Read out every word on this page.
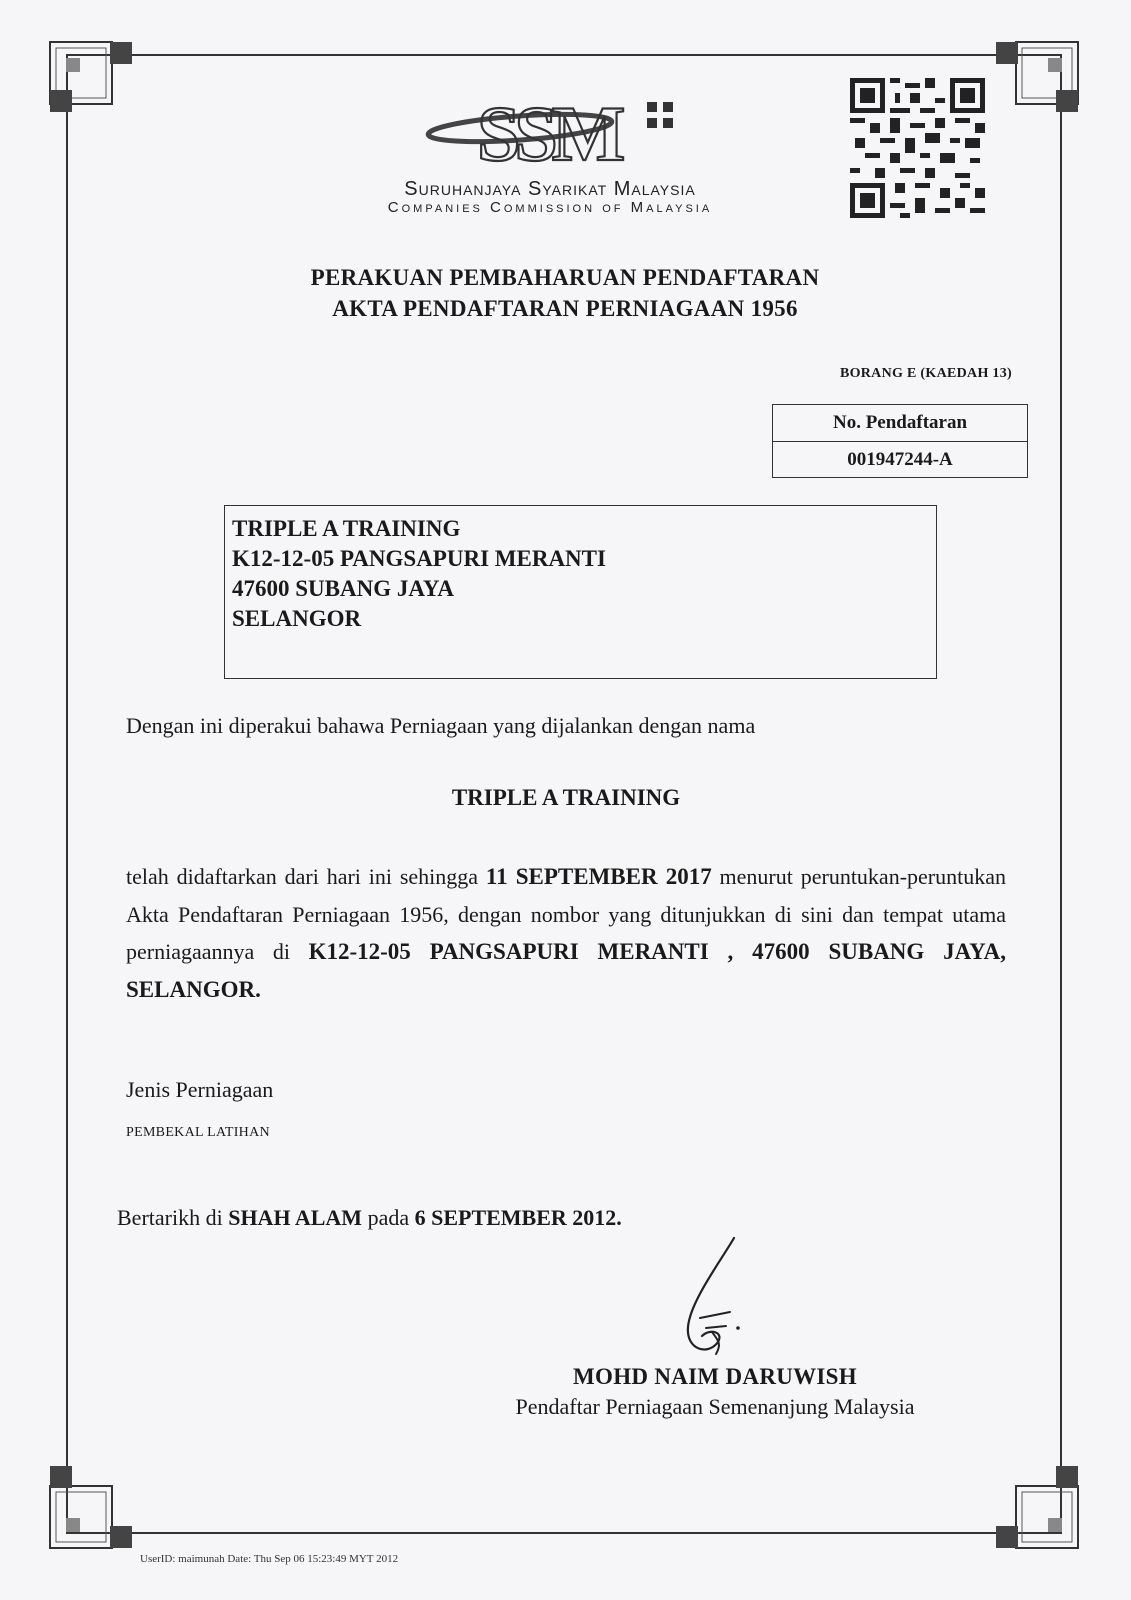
SSM
Suruhanjaya Syarikat Malaysia
Companies Commission of Malaysia
PERAKUAN PEMBAHARUAN PENDAFTARAN
AKTA PENDAFTARAN PERNIAGAAN 1956
BORANG E (KAEDAH 13)
No. Pendaftaran
001947244-A
TRIPLE A TRAINING
K12-12-05 PANGSAPURI MERANTI
47600 SUBANG JAYA
SELANGOR
Dengan ini diperakui bahawa Perniagaan yang dijalankan dengan nama
TRIPLE A TRAINING
telah didaftarkan dari hari ini sehingga 11 SEPTEMBER 2017 menurut peruntukan-peruntukan Akta Pendaftaran Perniagaan 1956, dengan nombor yang ditunjukkan di sini dan tempat utama perniagaannya di K12-12-05 PANGSAPURI MERANTI , 47600 SUBANG JAYA, SELANGOR.
Jenis Perniagaan
PEMBEKAL LATIHAN
Bertarikh di SHAH ALAM pada 6 SEPTEMBER 2012.
MOHD NAIM DARUWISH
Pendaftar Perniagaan Semenanjung Malaysia
UserID: maimunah Date: Thu Sep 06 15:23:49 MYT 2012
